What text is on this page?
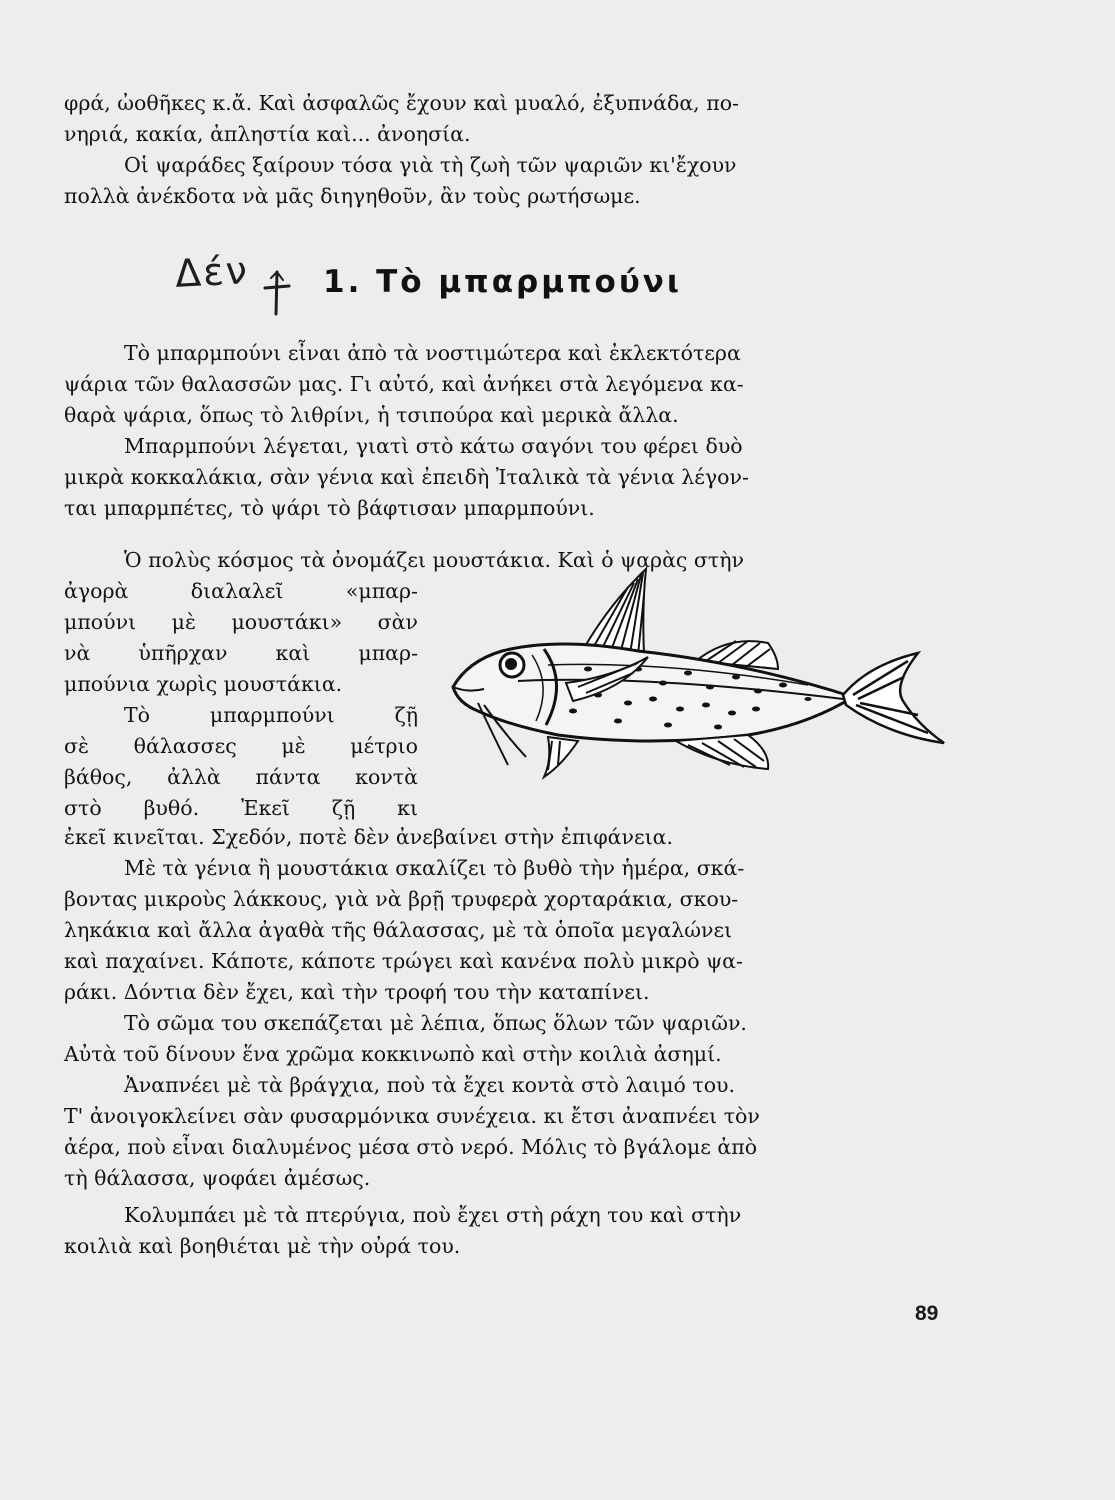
φρά, ὠοθῆκες κ.ἄ. Καὶ ἀσφαλῶς ἔχουν καὶ μυαλό, ἐξυπνάδα, πο-

νηριά, κακία, ἀπληστία καὶ... ἀνοησία.

Οἱ ψαράδες ξαίρουν τόσα γιὰ τὴ ζωὴ τῶν ψαριῶν κι'ἔχουν

πολλὰ ἀνέκδοτα νὰ μᾶς διηγηθοῦν, ἂν τοὺς ρωτήσωμε.

Δέν 1. Τὸ μπαρμπούνι

Τὸ μπαρμπούνι εἶναι ἀπὸ τὰ νοστιμώτερα καὶ ἐκλεκτότερα

ψάρια τῶν θαλασσῶν μας. Γι αὐτό, καὶ ἀνήκει στὰ λεγόμενα κα-

θαρὰ ψάρια, ὅπως τὸ λιθρίνι, ἡ τσιπούρα καὶ μερικὰ ἄλλα.

Μπαρμπούνι λέγεται, γιατὶ στὸ κάτω σαγόνι του φέρει δυὸ

μικρὰ κοκκαλάκια, σὰν γένια καὶ ἐπειδὴ Ἰταλικὰ τὰ γένια λέγον-

ται μπαρμπέτες, τὸ ψάρι τὸ βάφτισαν μπαρμπούνι.

Ὁ πολὺς κόσμος τὰ ὀνομάζει μουστάκια. Καὶ ὁ ψαρὰς στὴν

ἀγορὰ διαλαλεῖ «μπαρ-

μπούνι μὲ μουστάκι» σὰν

νὰ ὑπῆρχαν καὶ μπαρ-

μπούνια χωρὶς μουστάκια.

Τὸ μπαρμπούνι ζῇ

σὲ θάλασσες μὲ μέτριο

βάθος, ἀλλὰ πάντα κοντὰ

στὸ βυθό. Ἐκεῖ ζῇ κι

ἐκεῖ κινεῖται. Σχεδόν, ποτὲ δὲν ἀνεβαίνει στὴν ἐπιφάνεια.

Μὲ τὰ γένια ἢ μουστάκια σκαλίζει τὸ βυθὸ τὴν ἡμέρα, σκά-

βοντας μικροὺς λάκκους, γιὰ νὰ βρῇ τρυφερὰ χορταράκια, σκου-

ληκάκια καὶ ἄλλα ἀγαθὰ τῆς θάλασσας, μὲ τὰ ὁποῖα μεγαλώνει

καὶ παχαίνει. Κάποτε, κάποτε τρώγει καὶ κανένα πολὺ μικρὸ ψα-

ράκι. Δόντια δὲν ἔχει, καὶ τὴν τροφή του τὴν καταπίνει.

Τὸ σῶμα του σκεπάζεται μὲ λέπια, ὅπως ὅλων τῶν ψαριῶν.

Αὐτὰ τοῦ δίνουν ἕνα χρῶμα κοκκινωπὸ καὶ στὴν κοιλιὰ ἀσημί.

Ἀναπνέει μὲ τὰ βράγχια, ποὺ τὰ ἔχει κοντὰ στὸ λαιμό του.

Τ' ἀνοιγοκλείνει σὰν φυσαρμόνικα συνέχεια. κι ἔτσι ἀναπνέει τὸν

ἀέρα, ποὺ εἶναι διαλυμένος μέσα στὸ νερό. Μόλις τὸ βγάλομε ἀπὸ

τὴ θάλασσα, ψοφάει ἀμέσως.

Κολυμπάει μὲ τὰ πτερύγια, ποὺ ἔχει στὴ ράχη του καὶ στὴν

κοιλιὰ καὶ βοηθιέται μὲ τὴν οὐρά του.

89
